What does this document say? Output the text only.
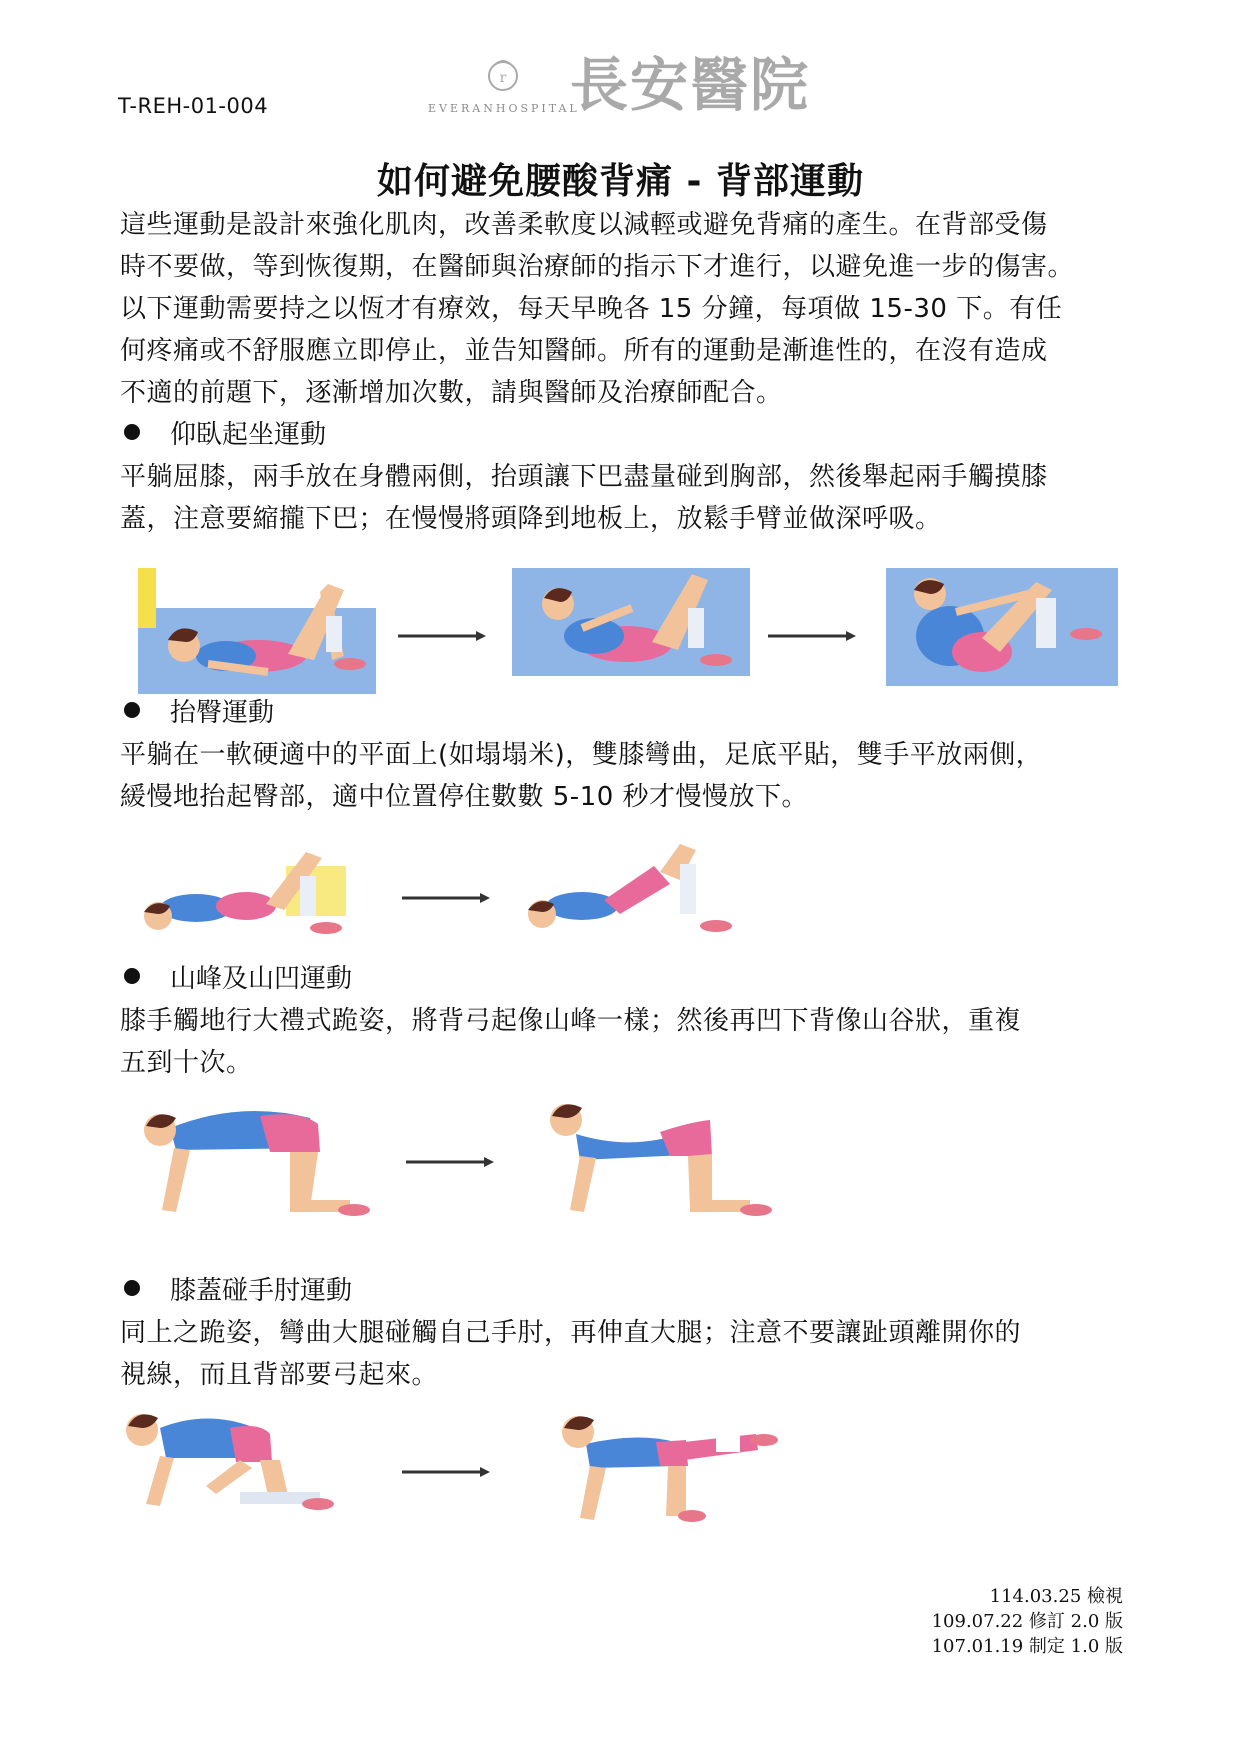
T-REH-01-004
r
EVERANHOSPITAL
長安醫院
如何避免腰酸背痛 - 背部運動
這些運動是設計來強化肌肉，改善柔軟度以減輕或避免背痛的產生。在背部受傷
時不要做，等到恢復期，在醫師與治療師的指示下才進行，以避免進一步的傷害。
以下運動需要持之以恆才有療效，每天早晚各 15 分鐘，每項做 15-30 下。有任
何疼痛或不舒服應立即停止，並告知醫師。所有的運動是漸進性的，在沒有造成
不適的前題下，逐漸增加次數，請與醫師及治療師配合。
仰臥起坐運動
平躺屈膝，兩手放在身體兩側，抬頭讓下巴盡量碰到胸部，然後舉起兩手觸摸膝
蓋，注意要縮攏下巴；在慢慢將頭降到地板上，放鬆手臂並做深呼吸。
抬臀運動
平躺在一軟硬適中的平面上(如塌塌米)，雙膝彎曲，足底平貼，雙手平放兩側，
緩慢地抬起臀部，適中位置停住數數 5-10 秒才慢慢放下。
山峰及山凹運動
膝手觸地行大禮式跪姿，將背弓起像山峰一樣；然後再凹下背像山谷狀，重複
五到十次。
膝蓋碰手肘運動
同上之跪姿，彎曲大腿碰觸自己手肘，再伸直大腿；注意不要讓趾頭離開你的
視線，而且背部要弓起來。
114.03.25 檢視
109.07.22 修訂 2.0 版
107.01.19 制定 1.0 版
